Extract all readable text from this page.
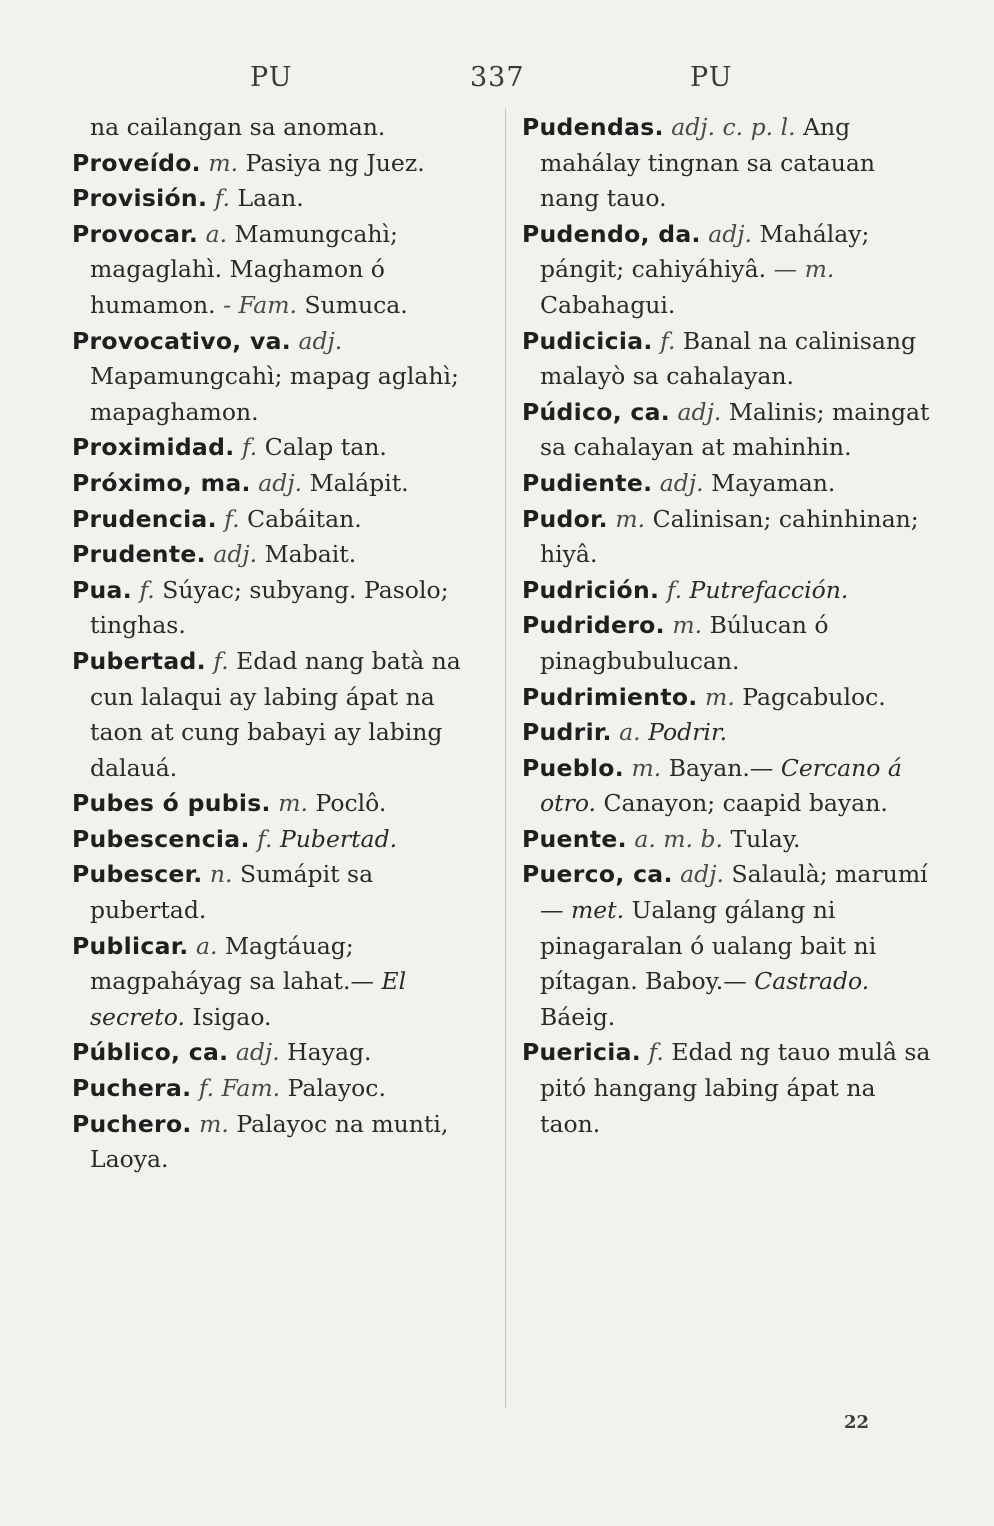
PU	337	PU
na cailangan sa anoman.
Proveído. m. Pasiya ng Juez.
Provisión. f. Laan.
Provocar. a. Mamungcahì; magaglahì. Maghamon ó humamon. - Fam. Sumuca.
Provocativo, va. adj. Mapamungcahì; mapag aglahì; mapaghamon.
Proximidad. f. Calap tan.
Próximo, ma. adj. Malápit.
Prudencia. f. Cabáitan.
Prudente. adj. Mabait.
Pua. f. Súyac; subyang. Pasolo; tinghas.
Pubertad. f. Edad nang batà na cun lalaqui ay labing ápat na taon at cung babayi ay labing dalauá.
Pubes ó pubis. m. Poclô.
Pubescencia. f. Pubertad.
Pubescer. n. Sumápit sa pubertad.
Publicar. a. Magtáuag; magpaháyag sa lahat.— El secreto. Isigao.
Público, ca. adj. Hayag.
Puchera. f. Fam. Palayoc.
Puchero. m. Palayoc na munti, Laoya.
Pudendas. adj. c. p. l. Ang mahálay tingnan sa catauan nang tauo.
Pudendo, da. adj. Mahálay; pángit; cahiyáhiyâ. — m. Cabahagui.
Pudicicia. f. Banal na calinisang malayò sa cahalayan.
Púdico, ca. adj. Malinis; maingat sa cahalayan at mahinhin.
Pudiente. adj. Mayaman.
Pudor. m. Calinisan; cahinhinan; hiyâ.
Pudrición. f. Putrefacción.
Pudridero. m. Búlucan ó pinagbubulucan.
Pudrimiento. m. Pagcabuloc.
Pudrir. a. Podrir.
Pueblo. m. Bayan.— Cercano á otro. Canayon; caapid bayan.
Puente. a. m. b. Tulay.
Puerco, ca. adj. Salaulà; marumí — met. Ualang gálang ni pinagaralan ó ualang bait ni pítagan. Baboy.— Castrado. Báeig.
Puericia. f. Edad ng tauo mulâ sa pitó hangang labing ápat na taon.
22
